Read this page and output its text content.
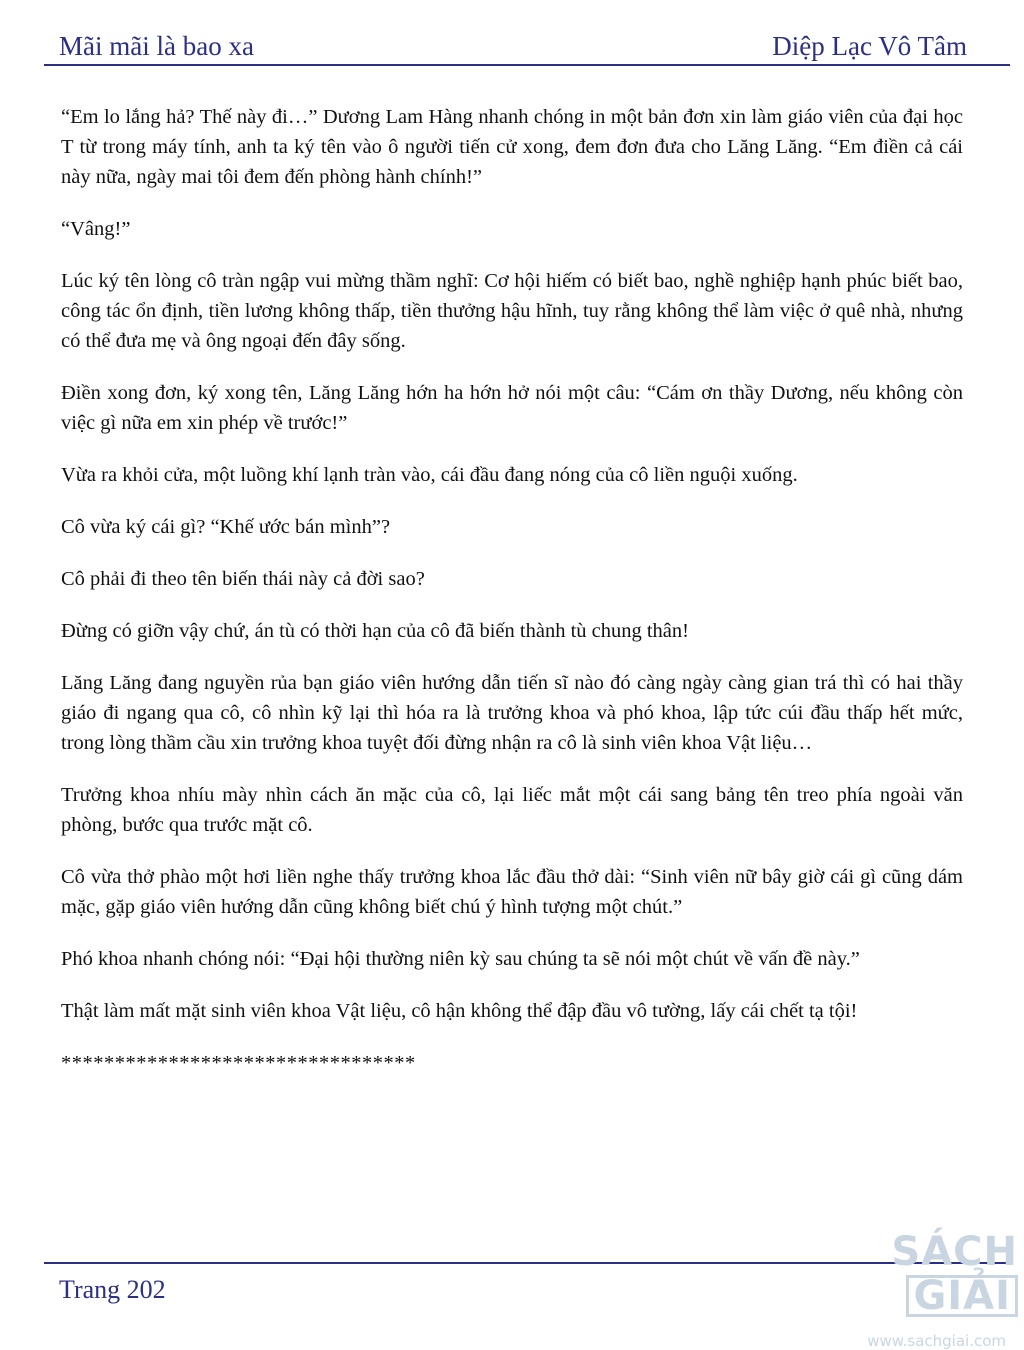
Mãi mãi là bao xa	Diệp Lạc Vô Tâm

“Em lo lắng hả? Thế này đi…” Dương Lam Hàng nhanh chóng in một bản đơn xin làm giáo viên của đại học T từ trong máy tính, anh ta ký tên vào ô người tiến cử xong, đem đơn đưa cho Lăng Lăng. “Em điền cả cái này nữa, ngày mai tôi đem đến phòng hành chính!”

“Vâng!”

Lúc ký tên lòng cô tràn ngập vui mừng thầm nghĩ: Cơ hội hiếm có biết bao, nghề nghiệp hạnh phúc biết bao, công tác ổn định, tiền lương không thấp, tiền thưởng hậu hĩnh, tuy rằng không thể làm việc ở quê nhà, nhưng có thể đưa mẹ và ông ngoại đến đây sống.

Điền xong đơn, ký xong tên, Lăng Lăng hớn ha hớn hở nói một câu: “Cám ơn thầy Dương, nếu không còn việc gì nữa em xin phép về trước!”

Vừa ra khỏi cửa, một luồng khí lạnh tràn vào, cái đầu đang nóng của cô liền nguội xuống.

Cô vừa ký cái gì? “Khế ước bán mình”?

Cô phải đi theo tên biến thái này cả đời sao?

Đừng có giỡn vậy chứ, án tù có thời hạn của cô đã biến thành tù chung thân!

Lăng Lăng đang nguyền rủa bạn giáo viên hướng dẫn tiến sĩ nào đó càng ngày càng gian trá thì có hai thầy giáo đi ngang qua cô, cô nhìn kỹ lại thì hóa ra là trưởng khoa và phó khoa, lập tức cúi đầu thấp hết mức, trong lòng thầm cầu xin trưởng khoa tuyệt đối đừng nhận ra cô là sinh viên khoa Vật liệu…

Trưởng khoa nhíu mày nhìn cách ăn mặc của cô, lại liếc mắt một cái sang bảng tên treo phía ngoài văn phòng, bước qua trước mặt cô.

Cô vừa thở phào một hơi liền nghe thấy trưởng khoa lắc đầu thở dài: “Sinh viên nữ bây giờ cái gì cũng dám mặc, gặp giáo viên hướng dẫn cũng không biết chú ý hình tượng một chút.”

Phó khoa nhanh chóng nói: “Đại hội thường niên kỳ sau chúng ta sẽ nói một chút về vấn đề này.”

Thật làm mất mặt sinh viên khoa Vật liệu, cô hận không thể đập đầu vô tường, lấy cái chết tạ tội!

*********************************

Trang 202
SÁCHGIẢI
www.sachgiai.com
